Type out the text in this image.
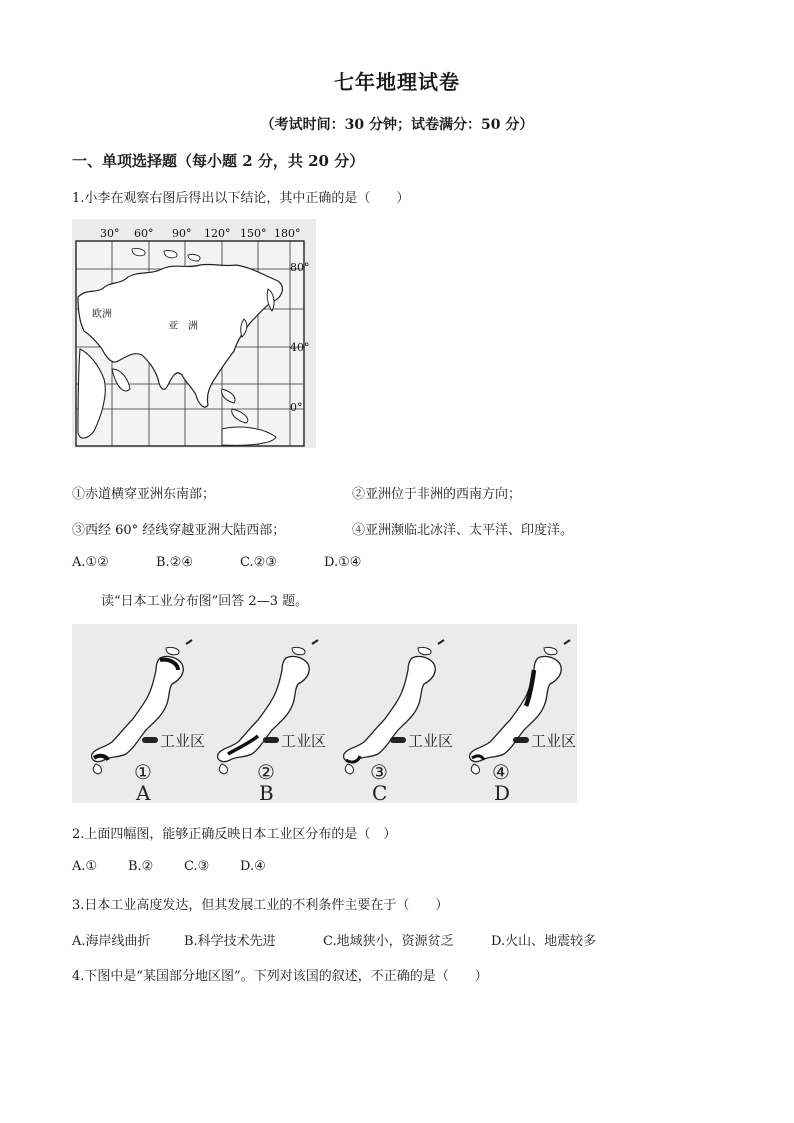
七年地理试卷
（考试时间：30 分钟；试卷满分：50 分）
一、单项选择题（每小题 2 分，共 20 分）
1.小李在观察右图后得出以下结论，其中正确的是（　　）
30° 60° 90° 120° 150° 180°
80°
40°
0°
欧洲
亚　洲
①赤道横穿亚洲东南部；	②亚洲位于非洲的西南方向；
③西经 60° 经线穿越亚洲大陆西部；	④亚洲濒临北冰洋、太平洋、印度洋。
A.①②	B.②④	C.②③	D.①④
读“日本工业分布图”回答 2—3 题。
工业区	工业区	工业区	工业区
①	②	③	④
A	B	C	D
2.上面四幅图，能够正确反映日本工业区分布的是（　）
A.① B.② C.③ D.④
3.日本工业高度发达，但其发展工业的不利条件主要在于（　　）
A.海岸线曲折	B.科学技术先进	C.地域狭小，资源贫乏	D.火山、地震较多
4.下图中是“某国部分地区图”。下列对该国的叙述，不正确的是（　　）
